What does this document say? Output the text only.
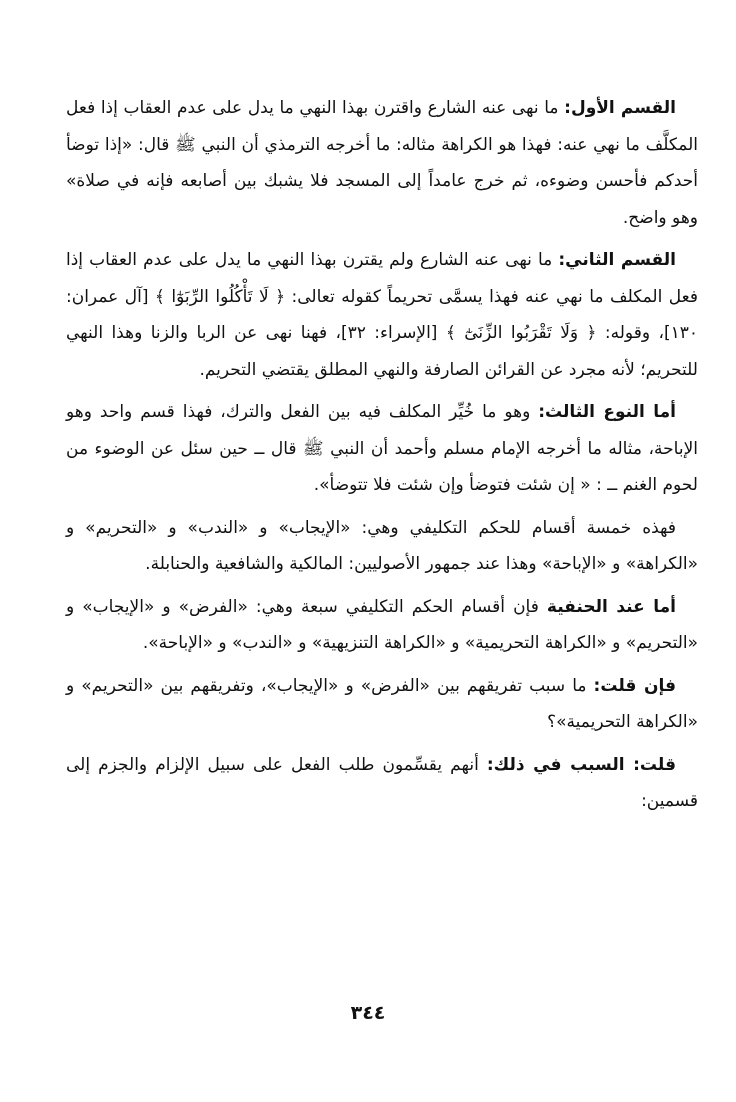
القسم الأول: ما نهى عنه الشارع واقترن بهذا النهي ما يدل على عدم العقاب إذا فعل المكلَّف ما نهي عنه: فهذا هو الكراهة مثاله: ما أخرجه الترمذي أن النبي ﷺ قال: «إذا توضأ أحدكم فأحسن وضوءه، ثم خرج عامداً إلى المسجد فلا يشبك بين أصابعه فإنه في صلاة» وهو واضح.

القسم الثاني: ما نهى عنه الشارع ولم يقترن بهذا النهي ما يدل على عدم العقاب إذا فعل المكلف ما نهي عنه فهذا يسمَّى تحريماً كقوله تعالى: ﴿ لَا تَأْكُلُوا الرِّبَوٰٓا ﴾ [آل عمران: ١٣٠]، وقوله: ﴿ وَلَا تَقْرَبُوا الزِّنَىٰٓ ﴾ [الإسراء: ٣٢]، فهنا نهى عن الربا والزنا وهذا النهي للتحريم؛ لأنه مجرد عن القرائن الصارفة والنهي المطلق يقتضي التحريم.

أما النوع الثالث: وهو ما خُيِّر المكلف فيه بين الفعل والترك، فهذا قسم واحد وهو الإباحة، مثاله ما أخرجه الإمام مسلم وأحمد أن النبي ﷺ قال ــ حين سئل عن الوضوء من لحوم الغنم ــ : « إن شئت فتوضأ وإن شئت فلا تتوضأ».

فهذه خمسة أقسام للحكم التكليفي وهي: «الإيجاب» و «الندب» و «التحريم» و «الكراهة» و «الإباحة» وهذا عند جمهور الأصوليين: المالكية والشافعية والحنابلة.

أما عند الحنفية فإن أقسام الحكم التكليفي سبعة وهي: «الفرض» و «الإيجاب» و «التحريم» و «الكراهة التحريمية» و «الكراهة التنزيهية» و «الندب» و «الإباحة».

فإن قلت: ما سبب تفريقهم بين «الفرض» و «الإيجاب»، وتفريقهم بين «التحريم» و «الكراهة التحريمية»؟

قلت: السبب في ذلك: أنهم يقسِّمون طلب الفعل على سبيل الإلزام والجزم إلى قسمين:

٣٤٤
